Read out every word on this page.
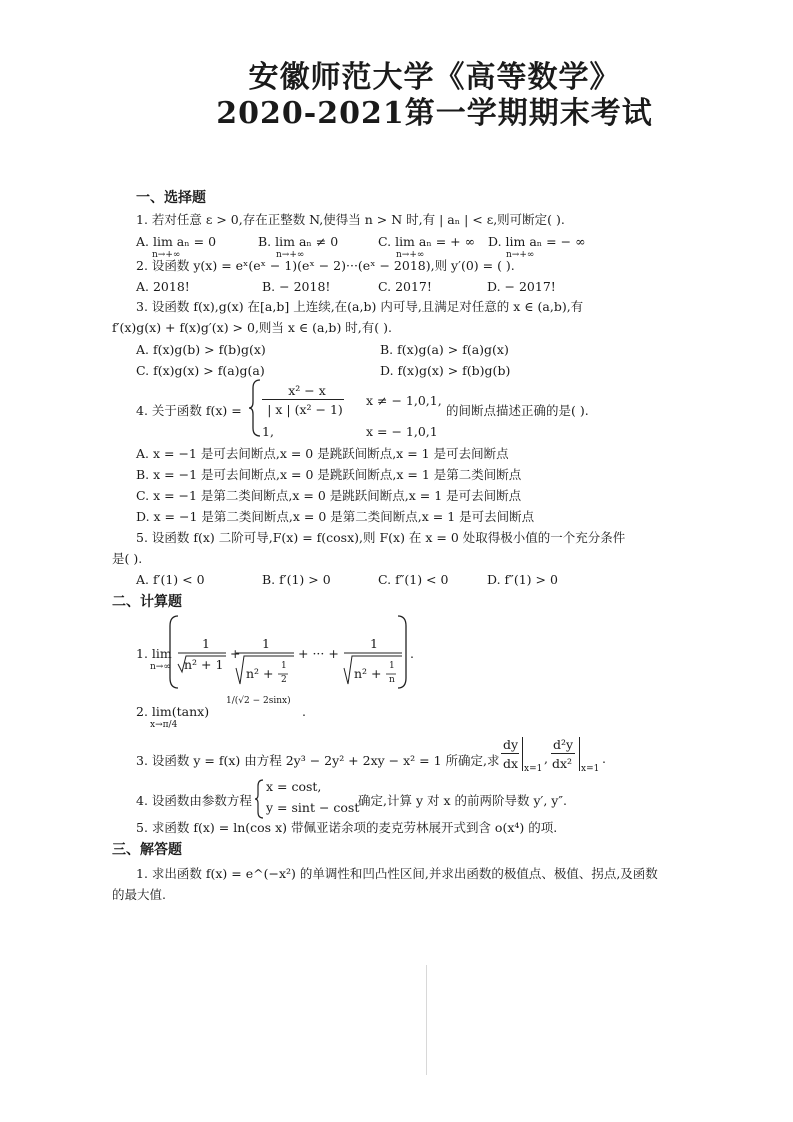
安徽师范大学《高等数学》
2020-2021第一学期期末考试
一、选择题
1. 若对任意 ε > 0,存在正整数 N,使得当 n > N 时,有 | aₙ | < ε,则可断定( ).
A. lim aₙ = 0	B. lim aₙ ≠ 0	C. lim aₙ = + ∞ D. lim aₙ = − ∞
n→+∞	n→+∞	n→+∞	n→+∞
2. 设函数 y(x) = eˣ(eˣ − 1)(eˣ − 2)···(eˣ − 2018),则 y′(0) = ( ).
A. 2018!	B. − 2018!	C. 2017!	D. − 2017!
3. 设函数 f(x),g(x) 在[a,b] 上连续,在(a,b) 内可导,且满足对任意的 x ∈ (a,b),有
f′(x)g(x) + f(x)g′(x) > 0,则当 x ∈ (a,b) 时,有( ).
A. f(x)g(b) > f(b)g(x)	B. f(x)g(a) > f(a)g(x)
C. f(x)g(x) > f(a)g(a)	D. f(x)g(x) > f(b)g(b)
4. 关于函数 f(x) =
x² − x
| x | (x² − 1)
x ≠ − 1,0,1,
1,	x = − 1,0,1
的间断点描述正确的是( ).
A. x = −1 是可去间断点,x = 0 是跳跃间断点,x = 1 是可去间断点
B. x = −1 是可去间断点,x = 0 是跳跃间断点,x = 1 是第二类间断点
C. x = −1 是第二类间断点,x = 0 是跳跃间断点,x = 1 是可去间断点
D. x = −1 是第二类间断点,x = 0 是第二类间断点,x = 1 是可去间断点
5. 设函数 f(x) 二阶可导,F(x) = f(cosx),则 F(x) 在 x = 0 处取得极小值的一个充分条件
是( ).
A. f′(1) < 0	B. f′(1) > 0	C. f″(1) < 0	D. f″(1) > 0
二、计算题
1. lim
n→∞
1
n² + 1
+
1
n² + 1
2
+ ··· +
1
n² + 1
n
.
2. lim(tanx)
1/(√2 − 2sinx)
x→π/4
.
3. 设函数 y = f(x) 由方程 2y³ − 2y² + 2xy − x² = 1 所确定,求
dy
dx x=1
,
d²y
dx² x=1
.
4. 设函数由参数方程
x = cost,
y = sint − cost
确定,计算 y 对 x 的前两阶导数 y′, y″.
5. 求函数 f(x) = ln(cos x) 带佩亚诺余项的麦克劳林展开式到含 o(x⁴) 的项.
三、解答题
1. 求出函数 f(x) = e^(−x²) 的单调性和凹凸性区间,并求出函数的极值点、极值、拐点,及函数
的最大值.
